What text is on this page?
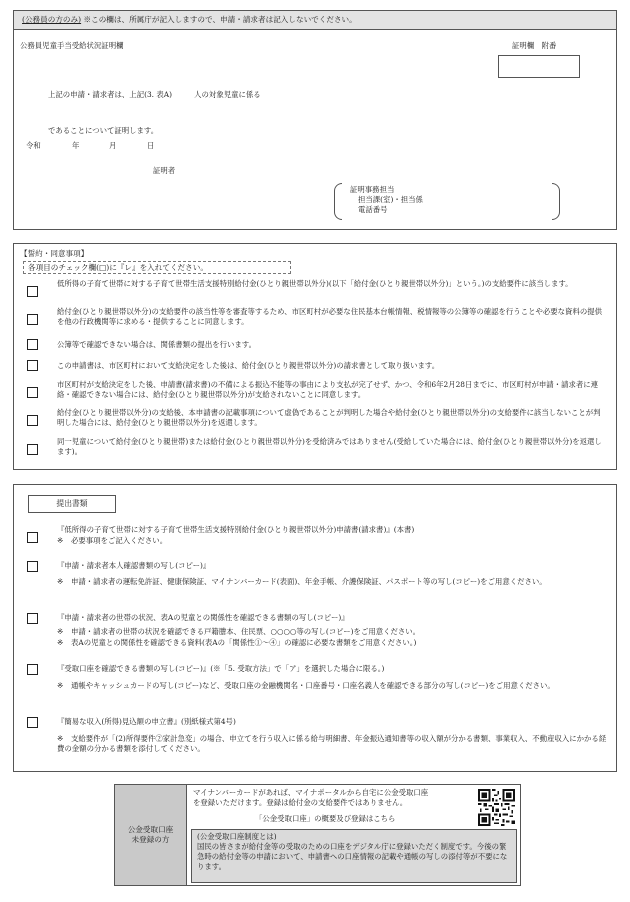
(公務員の方のみ) ※この欄は、所属庁が記入しますので、申請・請求者は記入しないでください。
公務員児童手当受給状況証明欄	証明欄　附番
上記の申請・請求者は、上記(3. 表A)　　　人の対象児童に係る
であることについて証明します。
令和	年	月	日
証明者
証明事務担当
担当課(室)・担当係
電話番号
【誓約・同意事項】
各項目のチェック欄(□)に『レ』を入れてください。
低所得の子育て世帯に対する子育て世帯生活支援特別給付金(ひとり親世帯以外分)(以下「給付金(ひとり親世帯以外分)」という。)の支給要件に該当します。
給付金(ひとり親世帯以外分)の支給要件の該当性等を審査等するため、市区町村が必要な住民基本台帳情報、税情報等の公簿等の確認を行うことや必要な資料の提供を他の行政機関等に求める・提供することに同意します。
公簿等で確認できない場合は、関係書類の提出を行います。
この申請書は、市区町村において支給決定をした後は、給付金(ひとり親世帯以外分)の請求書として取り扱います。
市区町村が支給決定をした後、申請書(請求書)の不備による振込不能等の事由により支払が完了せず、かつ、令和6年2月28日までに、市区町村が申請・請求者に連絡・確認できない場合には、給付金(ひとり親世帯以外分)が支給されないことに同意します。
給付金(ひとり親世帯以外分)の支給後、本申請書の記載事項について虚偽であることが判明した場合や給付金(ひとり親世帯以外分)の支給要件に該当しないことが判明した場合には、給付金(ひとり親世帯以外分)を返還します。
同一児童について給付金(ひとり親世帯)または給付金(ひとり親世帯以外分)を受給済みではありません(受給していた場合には、給付金(ひとり親世帯以外分)を返還します)。
提出書類
『低所得の子育て世帯に対する子育て世帯生活支援特別給付金(ひとり親世帯以外分)申請書(請求書)』(本書)
※ 必要事項をご記入ください。
『申請・請求者本人確認書類の写し(コピー)』
※ 申請・請求者の運転免許証、健康保険証、マイナンバーカード(表面)、年金手帳、介護保険証、パスポート等の写し(コピー)をご用意ください。
『申請・請求者の世帯の状況、表Aの児童との関係性を確認できる書類の写し(コピー)』
※ 申請・請求者の世帯の状況を確認できる戸籍謄本、住民票、○○○○等の写し(コピー)をご用意ください。
※ 表Aの児童との関係性を確認できる資料(表Aの「関係性①～④」の確認に必要な書類をご用意ください。)
『受取口座を確認できる書類の写し(コピー)』(※「5. 受取方法」で「ア」を選択した場合に限る。)
※ 通帳やキャッシュカードの写し(コピー)など、受取口座の金融機関名・口座番号・口座名義人を確認できる部分の写し(コピー)をご用意ください。
『簡易な収入(所得)見込額の申立書』(別紙様式第4号)
※ 支給要件が「(2)所得要件②家計急変」の場合、申立てを行う収入に係る給与明細書、年金振込通知書等の収入額が分かる書類、事業収入、不動産収入にかかる経費の金額の分かる書類を添付してください。
公金受取口座
未登録の方
マイナンバーカードがあれば、マイナポータルから自宅に公金受取口座を登録いただけます。登録は給付金の支給要件ではありません。
「公金受取口座」の概要及び登録はこちら
(公金受取口座制度とは)
国民の皆さまが給付金等の受取のための口座をデジタル庁に登録いただく制度です。今後の緊急時の給付金等の申請において、申請書への口座情報の記載や通帳の写しの添付等が不要になります。
